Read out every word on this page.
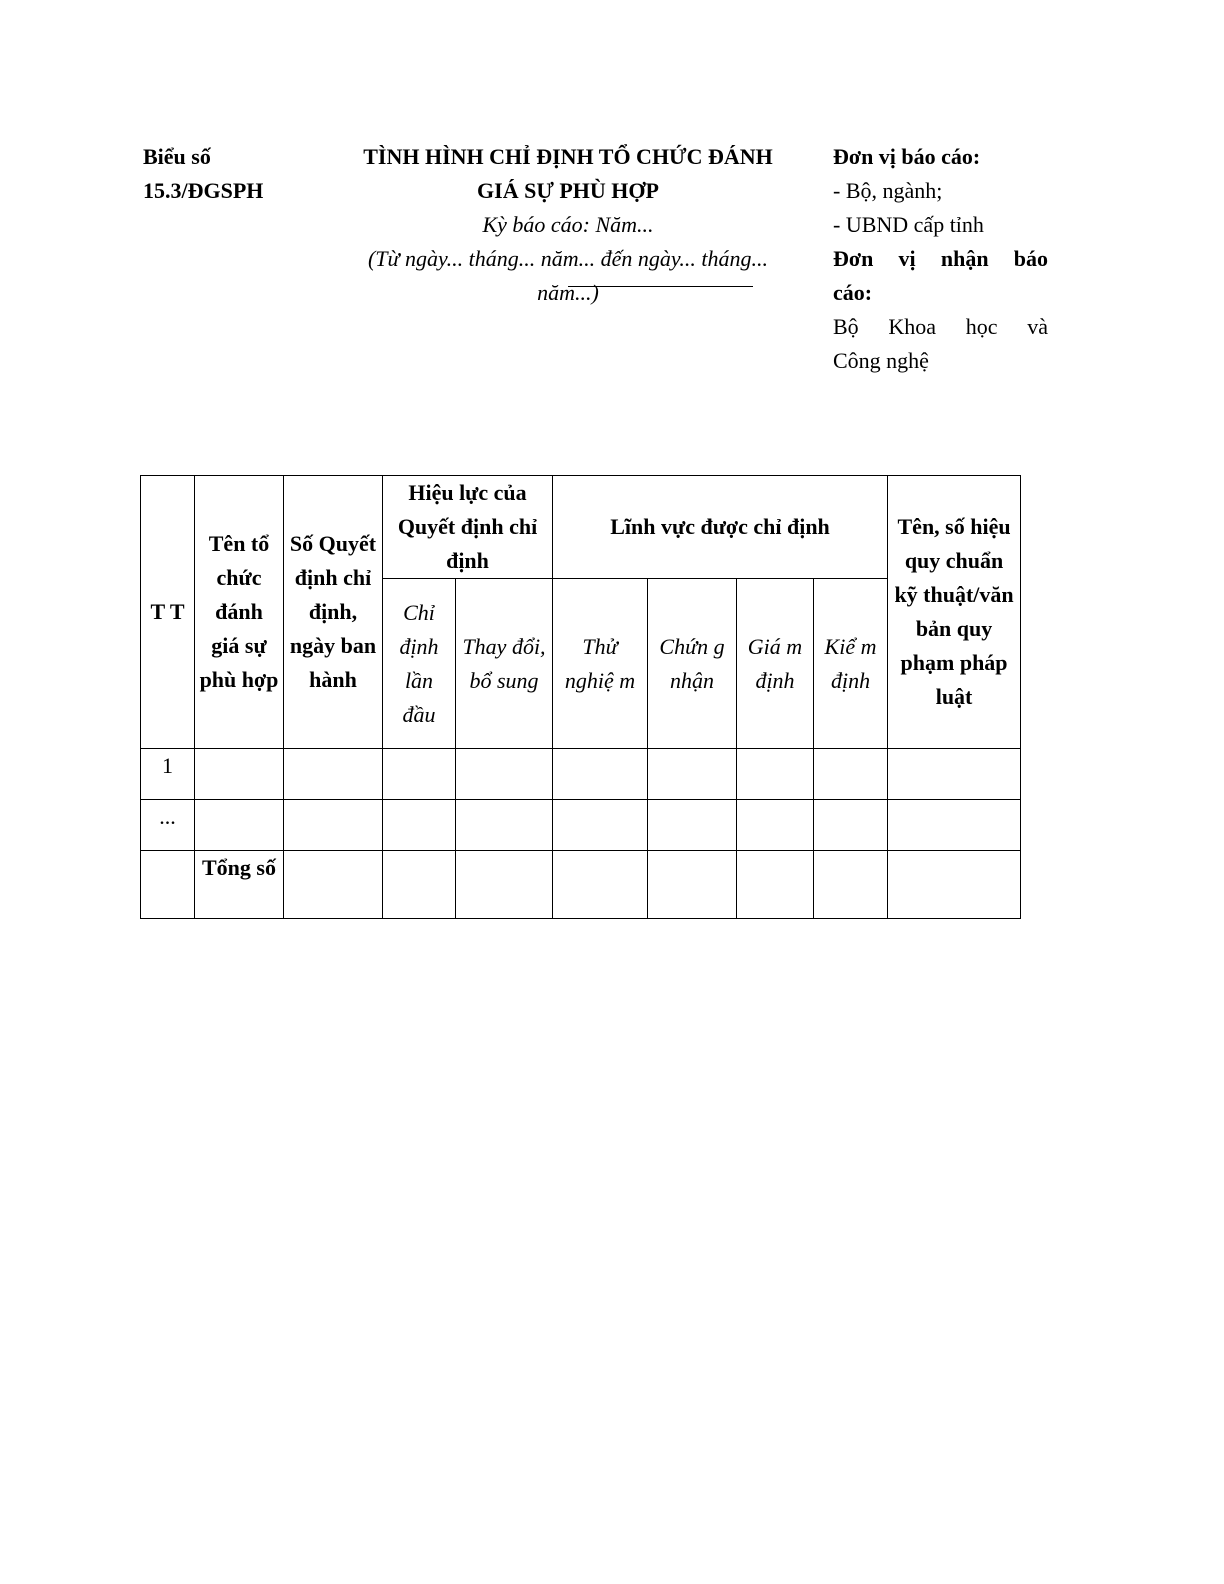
Biểu số
15.3/ĐGSPH
TÌNH HÌNH CHỈ ĐỊNH TỔ CHỨC ĐÁNH
GIÁ SỰ PHÙ HỢP
Kỳ báo cáo: Năm...
(Từ ngày... tháng... năm... đến ngày... tháng...
năm...)
Đơn vị báo cáo:
- Bộ, ngành;
- UBND cấp tỉnh
Đơn vị nhận báo
cáo:
Bộ Khoa học và
Công nghệ
T T	Tên tổ chức đánh giá sự phù hợp	Số Quyết định chỉ định, ngày ban hành	Hiệu lực của Quyết định chỉ định		Lĩnh vực được chỉ định				Tên, số hiệu quy chuẩn kỹ thuật/văn bản quy phạm pháp luật
			Chỉ định lần đầu	Thay đổi, bổ sung	Thử nghiệ m	Chứn g nhận	Giá m định	Kiể m định	
1									
...									
	Tổng số								
